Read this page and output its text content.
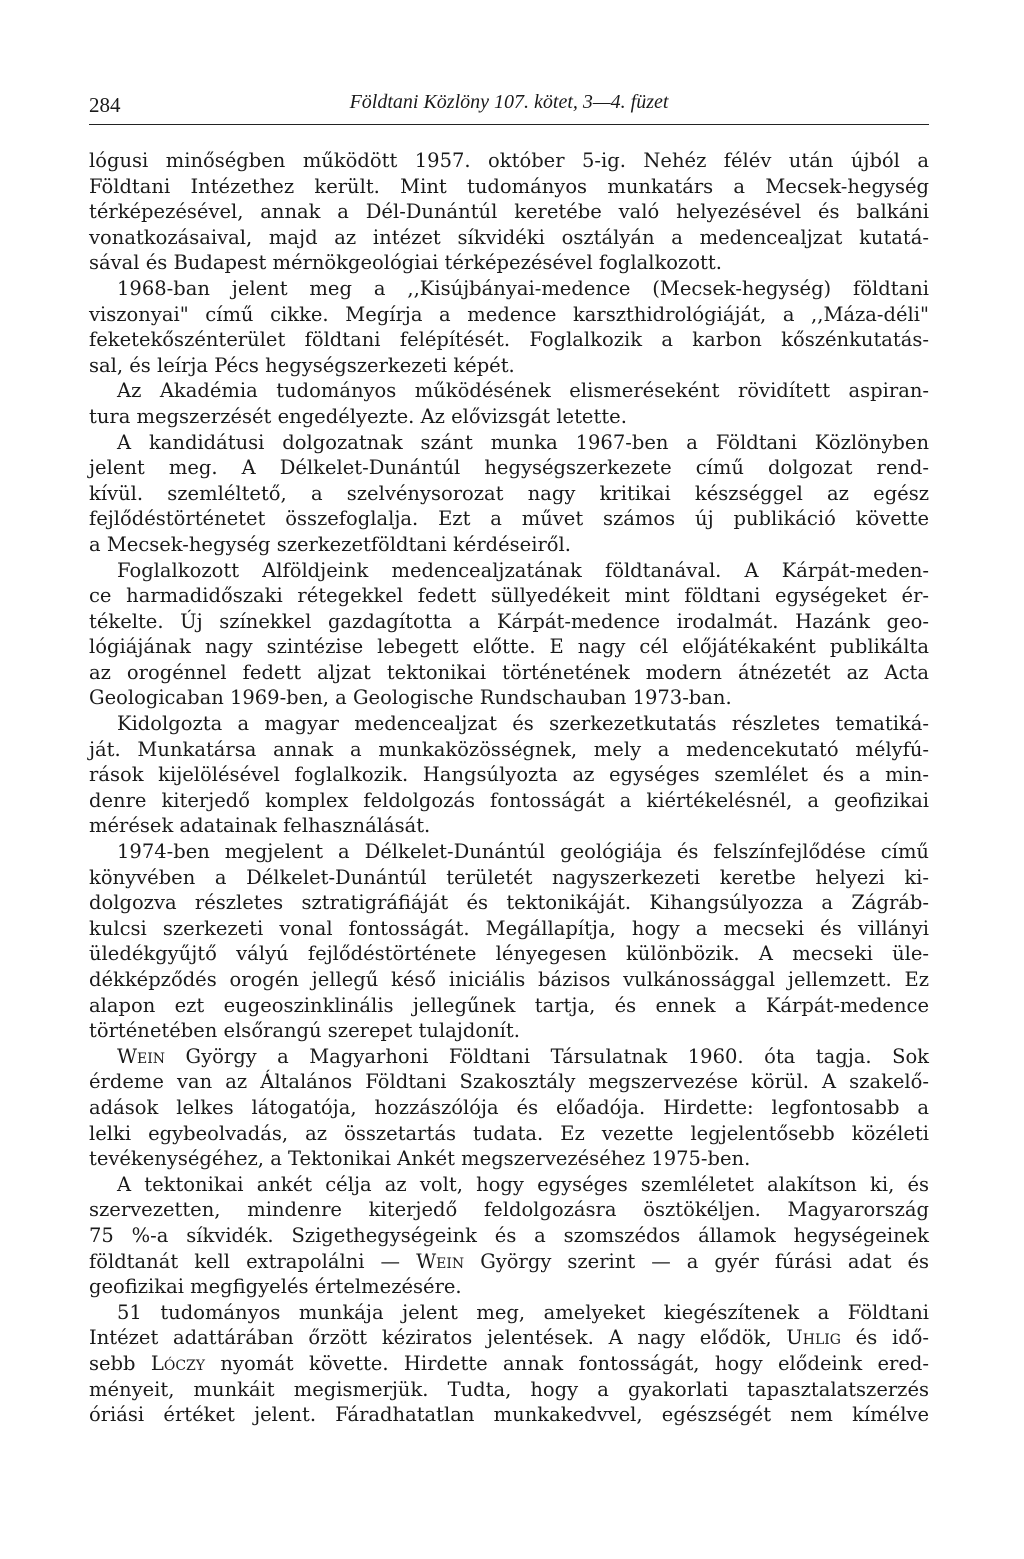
284	Földtani Közlöny 107. kötet, 3—4. füzet
lógusi minőségben működött 1957. október 5-ig. Nehéz félév után újból a
Földtani Intézethez került. Mint tudományos munkatárs a Mecsek-hegység
térképezésével, annak a Dél-Dunántúl keretébe való helyezésével és balkáni
vonatkozásaival, majd az intézet síkvidéki osztályán a medencealjzat kutatá-
sával és Budapest mérnökgeológiai térképezésével foglalkozott.
1968-ban jelent meg a ,,Kisújbányai-medence (Mecsek-hegység) földtani
viszonyai" című cikke. Megírja a medence karszthidrológiáját, a ,,Máza-déli"
feketekőszénterület földtani felépítését. Foglalkozik a karbon kőszénkutatás-
sal, és leírja Pécs hegységszerkezeti képét.
Az Akadémia tudományos működésének elismeréseként rövidített aspiran-
tura megszerzését engedélyezte. Az elővizsgát letette.
A kandidátusi dolgozatnak szánt munka 1967-ben a Földtani Közlönyben
jelent meg. A Délkelet-Dunántúl hegységszerkezete című dolgozat rend-
kívül. szemléltető, a szelvénysorozat nagy kritikai készséggel az egész
fejlődéstörténetet összefoglalja. Ezt a művet számos új publikáció követte
a Mecsek-hegység szerkezetföldtani kérdéseiről.
Foglalkozott Alföldjeink medencealjzatának földtanával. A Kárpát-meden-
ce harmadidőszaki rétegekkel fedett süllyedékeit mint földtani egységeket ér-
tékelte. Új színekkel gazdagította a Kárpát-medence irodalmát. Hazánk geo-
lógiájának nagy szintézise lebegett előtte. E nagy cél előjátékaként publikálta
az orogénnel fedett aljzat tektonikai történetének modern átnézetét az Acta
Geologicaban 1969-ben, a Geologische Rundschauban 1973-ban.
Kidolgozta a magyar medencealjzat és szerkezetkutatás részletes tematiká-
ját. Munkatársa annak a munkaközösségnek, mely a medencekutató mélyfú-
rások kijelölésével foglalkozik. Hangsúlyozta az egységes szemlélet és a min-
denre kiterjedő komplex feldolgozás fontosságát a kiértékelésnél, a geofizikai
mérések adatainak felhasználását.
1974-ben megjelent a Délkelet-Dunántúl geológiája és felszínfejlődése című
könyvében a Délkelet-Dunántúl területét nagyszerkezeti keretbe helyezi ki-
dolgozva részletes sztratigráfiáját és tektonikáját. Kihangsúlyozza a Zágráb-
kulcsi szerkezeti vonal fontosságát. Megállapítja, hogy a mecseki és villányi
üledékgyűjtő vályú fejlődéstörténete lényegesen különbözik. A mecseki üle-
dékképződés orogén jellegű késő iniciális bázisos vulkánossággal jellemzett. Ez
alapon ezt eugeoszinklinális jellegűnek tartja, és ennek a Kárpát-medence
történetében elsőrangú szerepet tulajdonít.
Wein György a Magyarhoni Földtani Társulatnak 1960. óta tagja. Sok
érdeme van az Általános Földtani Szakosztály megszervezése körül. A szakelő-
adások lelkes látogatója, hozzászólója és előadója. Hirdette: legfontosabb a
lelki egybeolvadás, az összetartás tudata. Ez vezette legjelentősebb közéleti
tevékenységéhez, a Tektonikai Ankét megszervezéséhez 1975-ben.
A tektonikai ankét célja az volt, hogy egységes szemléletet alakítson ki, és
szervezetten, mindenre kiterjedő feldolgozásra ösztökéljen. Magyarország
75 %-a síkvidék. Szigethegységeink és a szomszédos államok hegységeinek
földtanát kell extrapolálni — Wein György szerint — a gyér fúrási adat és
geofizikai megfigyelés értelmezésére.
51 tudományos munkája jelent meg, amelyeket kiegészítenek a Földtani
Intézet adattárában őrzött kéziratos jelentések. A nagy elődök, Uhlig és idő-
sebb Lóczy nyomát követte. Hirdette annak fontosságát, hogy elődeink ered-
ményeit, munkáit megismerjük. Tudta, hogy a gyakorlati tapasztalatszerzés
óriási értéket jelent. Fáradhatatlan munkakedvvel, egészségét nem kímélve
